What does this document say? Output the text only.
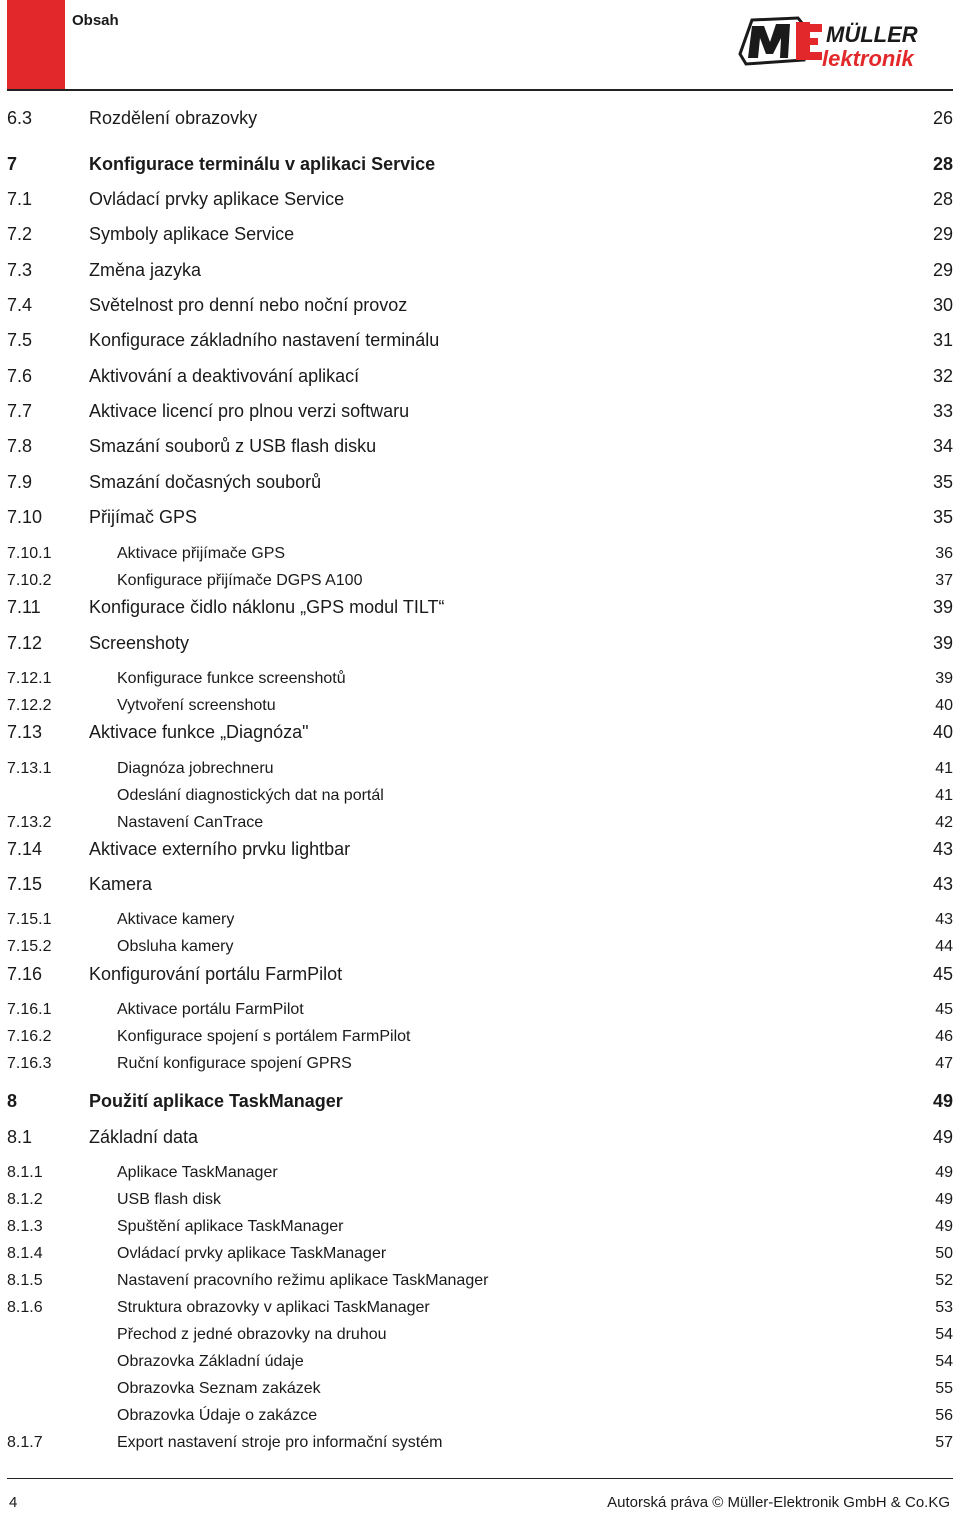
Obsah
MÜLLER
lektronik
6.3	Rozdělení obrazovky	26
7	Konfigurace terminálu v aplikaci Service	28
7.1	Ovládací prvky aplikace Service	28
7.2	Symboly aplikace Service	29
7.3	Změna jazyka	29
7.4	Světelnost pro denní nebo noční provoz	30
7.5	Konfigurace základního nastavení terminálu	31
7.6	Aktivování a deaktivování aplikací	32
7.7	Aktivace licencí pro plnou verzi softwaru	33
7.8	Smazání souborů z USB flash disku	34
7.9	Smazání dočasných souborů	35
7.10	Přijímač GPS	35
7.10.1	Aktivace přijímače GPS	36
7.10.2	Konfigurace přijímače DGPS A100	37
7.11	Konfigurace čidlo náklonu „GPS modul TILT“	39
7.12	Screenshoty	39
7.12.1	Konfigurace funkce screenshotů	39
7.12.2	Vytvoření screenshotu	40
7.13	Aktivace funkce „Diagnóza"	40
7.13.1	Diagnóza jobrechneru	41
Odeslání diagnostických dat na portál	41
7.13.2	Nastavení CanTrace	42
7.14	Aktivace externího prvku lightbar	43
7.15	Kamera	43
7.15.1	Aktivace kamery	43
7.15.2	Obsluha kamery	44
7.16	Konfigurování portálu FarmPilot	45
7.16.1	Aktivace portálu FarmPilot	45
7.16.2	Konfigurace spojení s portálem FarmPilot	46
7.16.3	Ruční konfigurace spojení GPRS	47
8	Použití aplikace TaskManager	49
8.1	Základní data	49
8.1.1	Aplikace TaskManager	49
8.1.2	USB flash disk	49
8.1.3	Spuštění aplikace TaskManager	49
8.1.4	Ovládací prvky aplikace TaskManager	50
8.1.5	Nastavení pracovního režimu aplikace TaskManager	52
8.1.6	Struktura obrazovky v aplikaci TaskManager	53
Přechod z jedné obrazovky na druhou	54
Obrazovka Základní údaje	54
Obrazovka Seznam zakázek	55
Obrazovka Údaje o zakázce	56
8.1.7	Export nastavení stroje pro informační systém	57
4	Autorská práva © Müller-Elektronik GmbH & Co.KG
